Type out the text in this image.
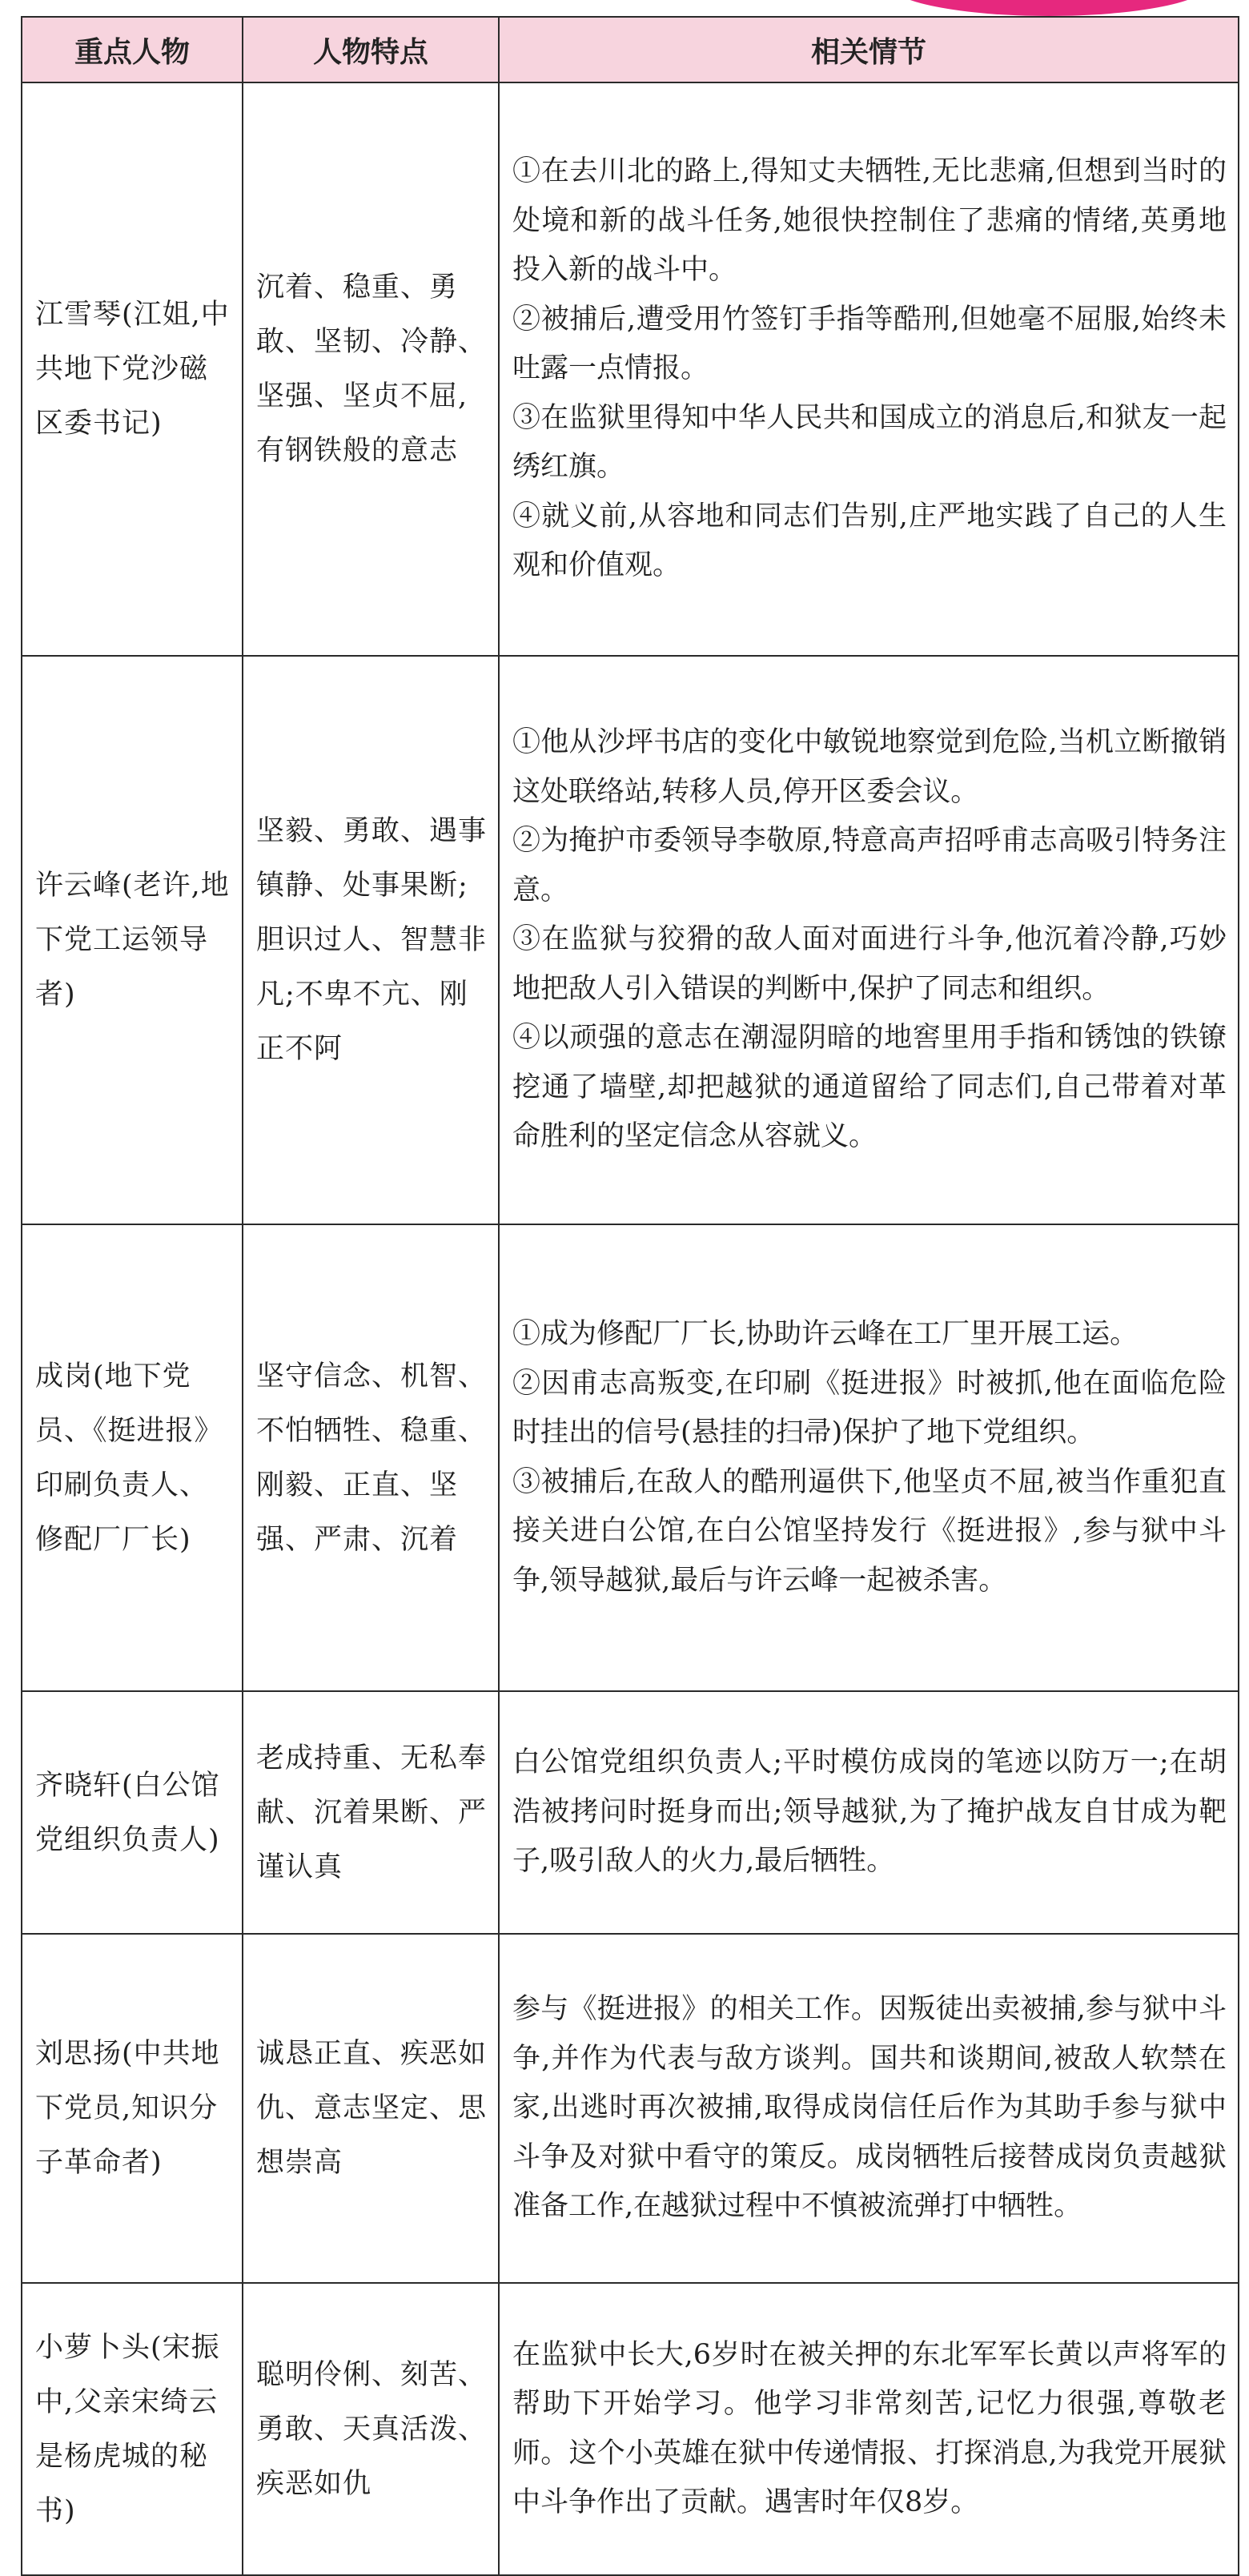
重点人物	人物特点	相关情节
江雪琴(江姐,中共地下党沙磁区委书记)	沉着、稳重、勇敢、坚韧、冷静、坚强、坚贞不屈,有钢铁般的意志	①在去川北的路上,得知丈夫牺牲,无比悲痛,但想到当时的处境和新的战斗任务,她很快控制住了悲痛的情绪,英勇地投入新的战斗中。

②被捕后,遭受用竹签钉手指等酷刑,但她毫不屈服,始终未吐露一点情报。

③在监狱里得知中华人民共和国成立的消息后,和狱友一起绣红旗。

④就义前,从容地和同志们告别,庄严地实践了自己的人生观和价值观。

许云峰(老许,地下党工运领导者)	坚毅、勇敢、遇事镇静、处事果断;胆识过人、智慧非凡;不卑不亢、刚正不阿	①他从沙坪书店的变化中敏锐地察觉到危险,当机立断撤销这处联络站,转移人员,停开区委会议。

②为掩护市委领导李敬原,特意高声招呼甫志高吸引特务注意。

③在监狱与狡猾的敌人面对面进行斗争,他沉着冷静,巧妙地把敌人引入错误的判断中,保护了同志和组织。

④以顽强的意志在潮湿阴暗的地窖里用手指和锈蚀的铁镣挖通了墙壁,却把越狱的通道留给了同志们,自己带着对革命胜利的坚定信念从容就义。

成岗(地下党员、《挺进报》印刷负责人、修配厂厂长)	坚守信念、机智、不怕牺牲、稳重、刚毅、正直、坚强、严肃、沉着	①成为修配厂厂长,协助许云峰在工厂里开展工运。

②因甫志高叛变,在印刷《挺进报》时被抓,他在面临危险时挂出的信号(悬挂的扫帚)保护了地下党组织。

③被捕后,在敌人的酷刑逼供下,他坚贞不屈,被当作重犯直接关进白公馆,在白公馆坚持发行《挺进报》,参与狱中斗争,领导越狱,最后与许云峰一起被杀害。

齐晓轩(白公馆党组织负责人)	老成持重、无私奉献、沉着果断、严谨认真	白公馆党组织负责人;平时模仿成岗的笔迹以防万一;在胡浩被拷问时挺身而出;领导越狱,为了掩护战友自甘成为靶子,吸引敌人的火力,最后牺牲。

刘思扬(中共地下党员,知识分子革命者)	诚恳正直、疾恶如仇、意志坚定、思想崇高	参与《挺进报》的相关工作。因叛徒出卖被捕,参与狱中斗争,并作为代表与敌方谈判。国共和谈期间,被敌人软禁在家,出逃时再次被捕,取得成岗信任后作为其助手参与狱中斗争及对狱中看守的策反。成岗牺牲后接替成岗负责越狱准备工作,在越狱过程中不慎被流弹打中牺牲。

小萝卜头(宋振中,父亲宋绮云是杨虎城的秘书)	聪明伶俐、刻苦、勇敢、天真活泼、疾恶如仇	在监狱中长大,6岁时在被关押的东北军军长黄以声将军的帮助下开始学习。他学习非常刻苦,记忆力很强,尊敬老师。这个小英雄在狱中传递情报、打探消息,为我党开展狱中斗争作出了贡献。遇害时年仅8岁。
